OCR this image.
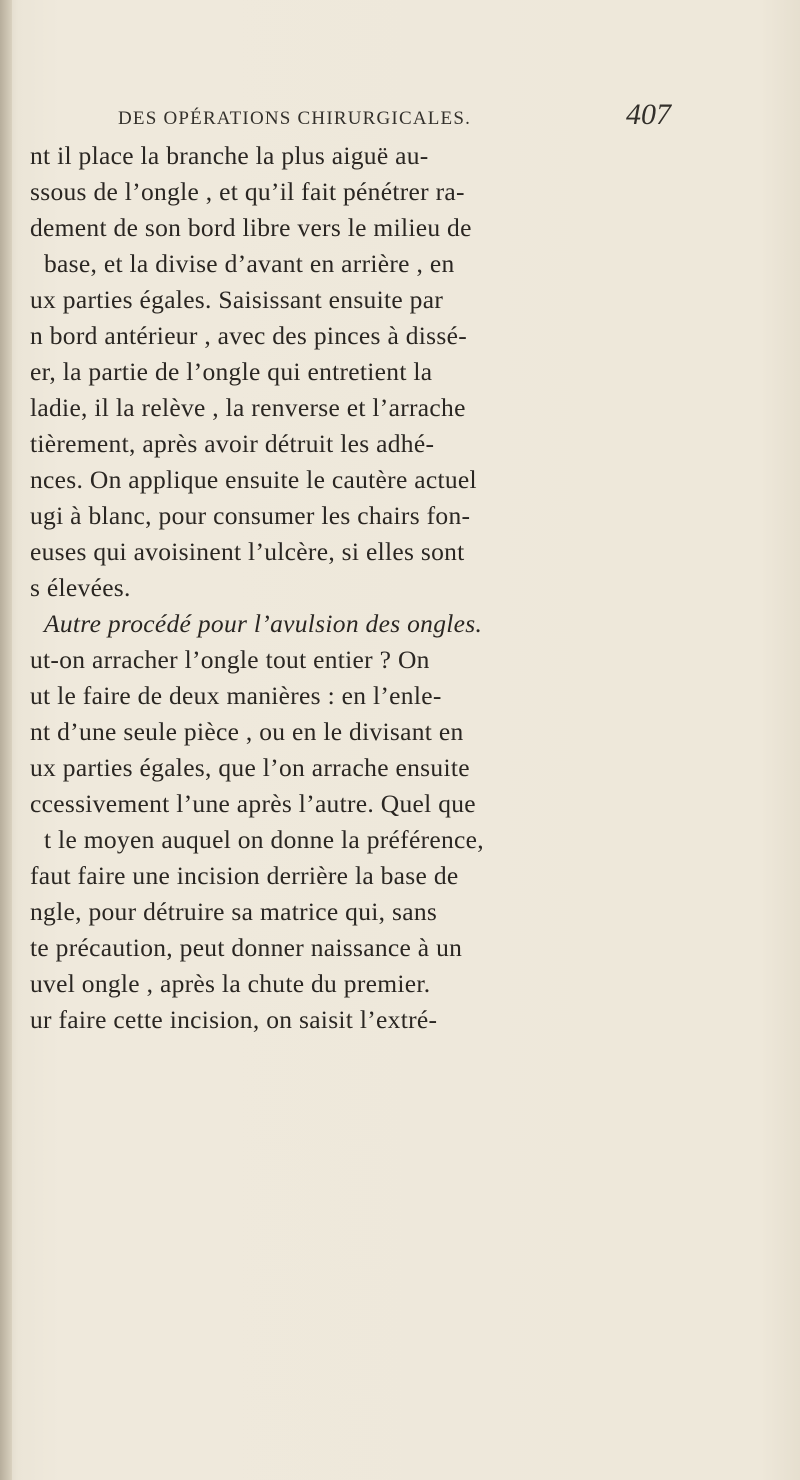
DES OPÉRATIONS CHIRURGICALES.	407
nt il place la branche la plus aiguë au-
ssous de l’ongle , et qu’il fait pénétrer ra-
dement de son bord libre vers le milieu de
base, et la divise d’avant en arrière , en
ux parties égales. Saisissant ensuite par
n bord antérieur , avec des pinces à dissé-
er, la partie de l’ongle qui entretient la
ladie, il la relève , la renverse et l’arrache
tièrement, après avoir détruit les adhé-
nces. On applique ensuite le cautère actuel
ugi à blanc, pour consumer les chairs fon-
euses qui avoisinent l’ulcère, si elles sont
s élevées.
Autre procédé pour l’avulsion des ongles.
ut-on arracher l’ongle tout entier ? On
ut le faire de deux manières : en l’enle-
nt d’une seule pièce , ou en le divisant en
ux parties égales, que l’on arrache ensuite
ccessivement l’une après l’autre. Quel que
t le moyen auquel on donne la préférence,
faut faire une incision derrière la base de
ngle, pour détruire sa matrice qui, sans
te précaution, peut donner naissance à un
uvel ongle , après la chute du premier.
ur faire cette incision, on saisit l’extré-
